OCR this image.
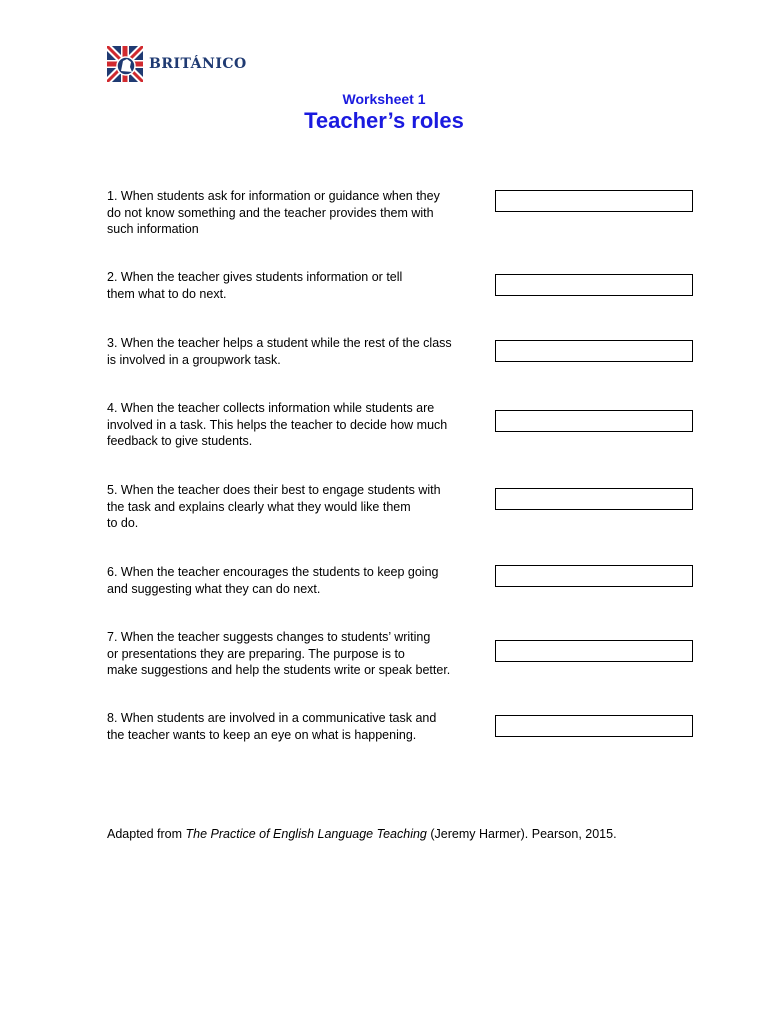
BRITÁNICO
Worksheet 1
Teacher’s roles
1. When students ask for information or guidance when they
do not know something and the teacher provides them with
such information
2. When the teacher gives students information or tell
them what to do next.
3. When the teacher helps a student while the rest of the class
is involved in a groupwork task.
4. When the teacher collects information while students are
involved in a task. This helps the teacher to decide how much
feedback to give students.
5. When the teacher does their best to engage students with
the task and explains clearly what they would like them
to do.
6. When the teacher encourages the students to keep going
and suggesting what they can do next.
7. When the teacher suggests changes to students’ writing
or presentations they are preparing. The purpose is to
make suggestions and help the students write or speak better.
8. When students are involved in a communicative task and
the teacher wants to keep an eye on what is happening.
Adapted from The Practice of English Language Teaching (Jeremy Harmer). Pearson, 2015.
